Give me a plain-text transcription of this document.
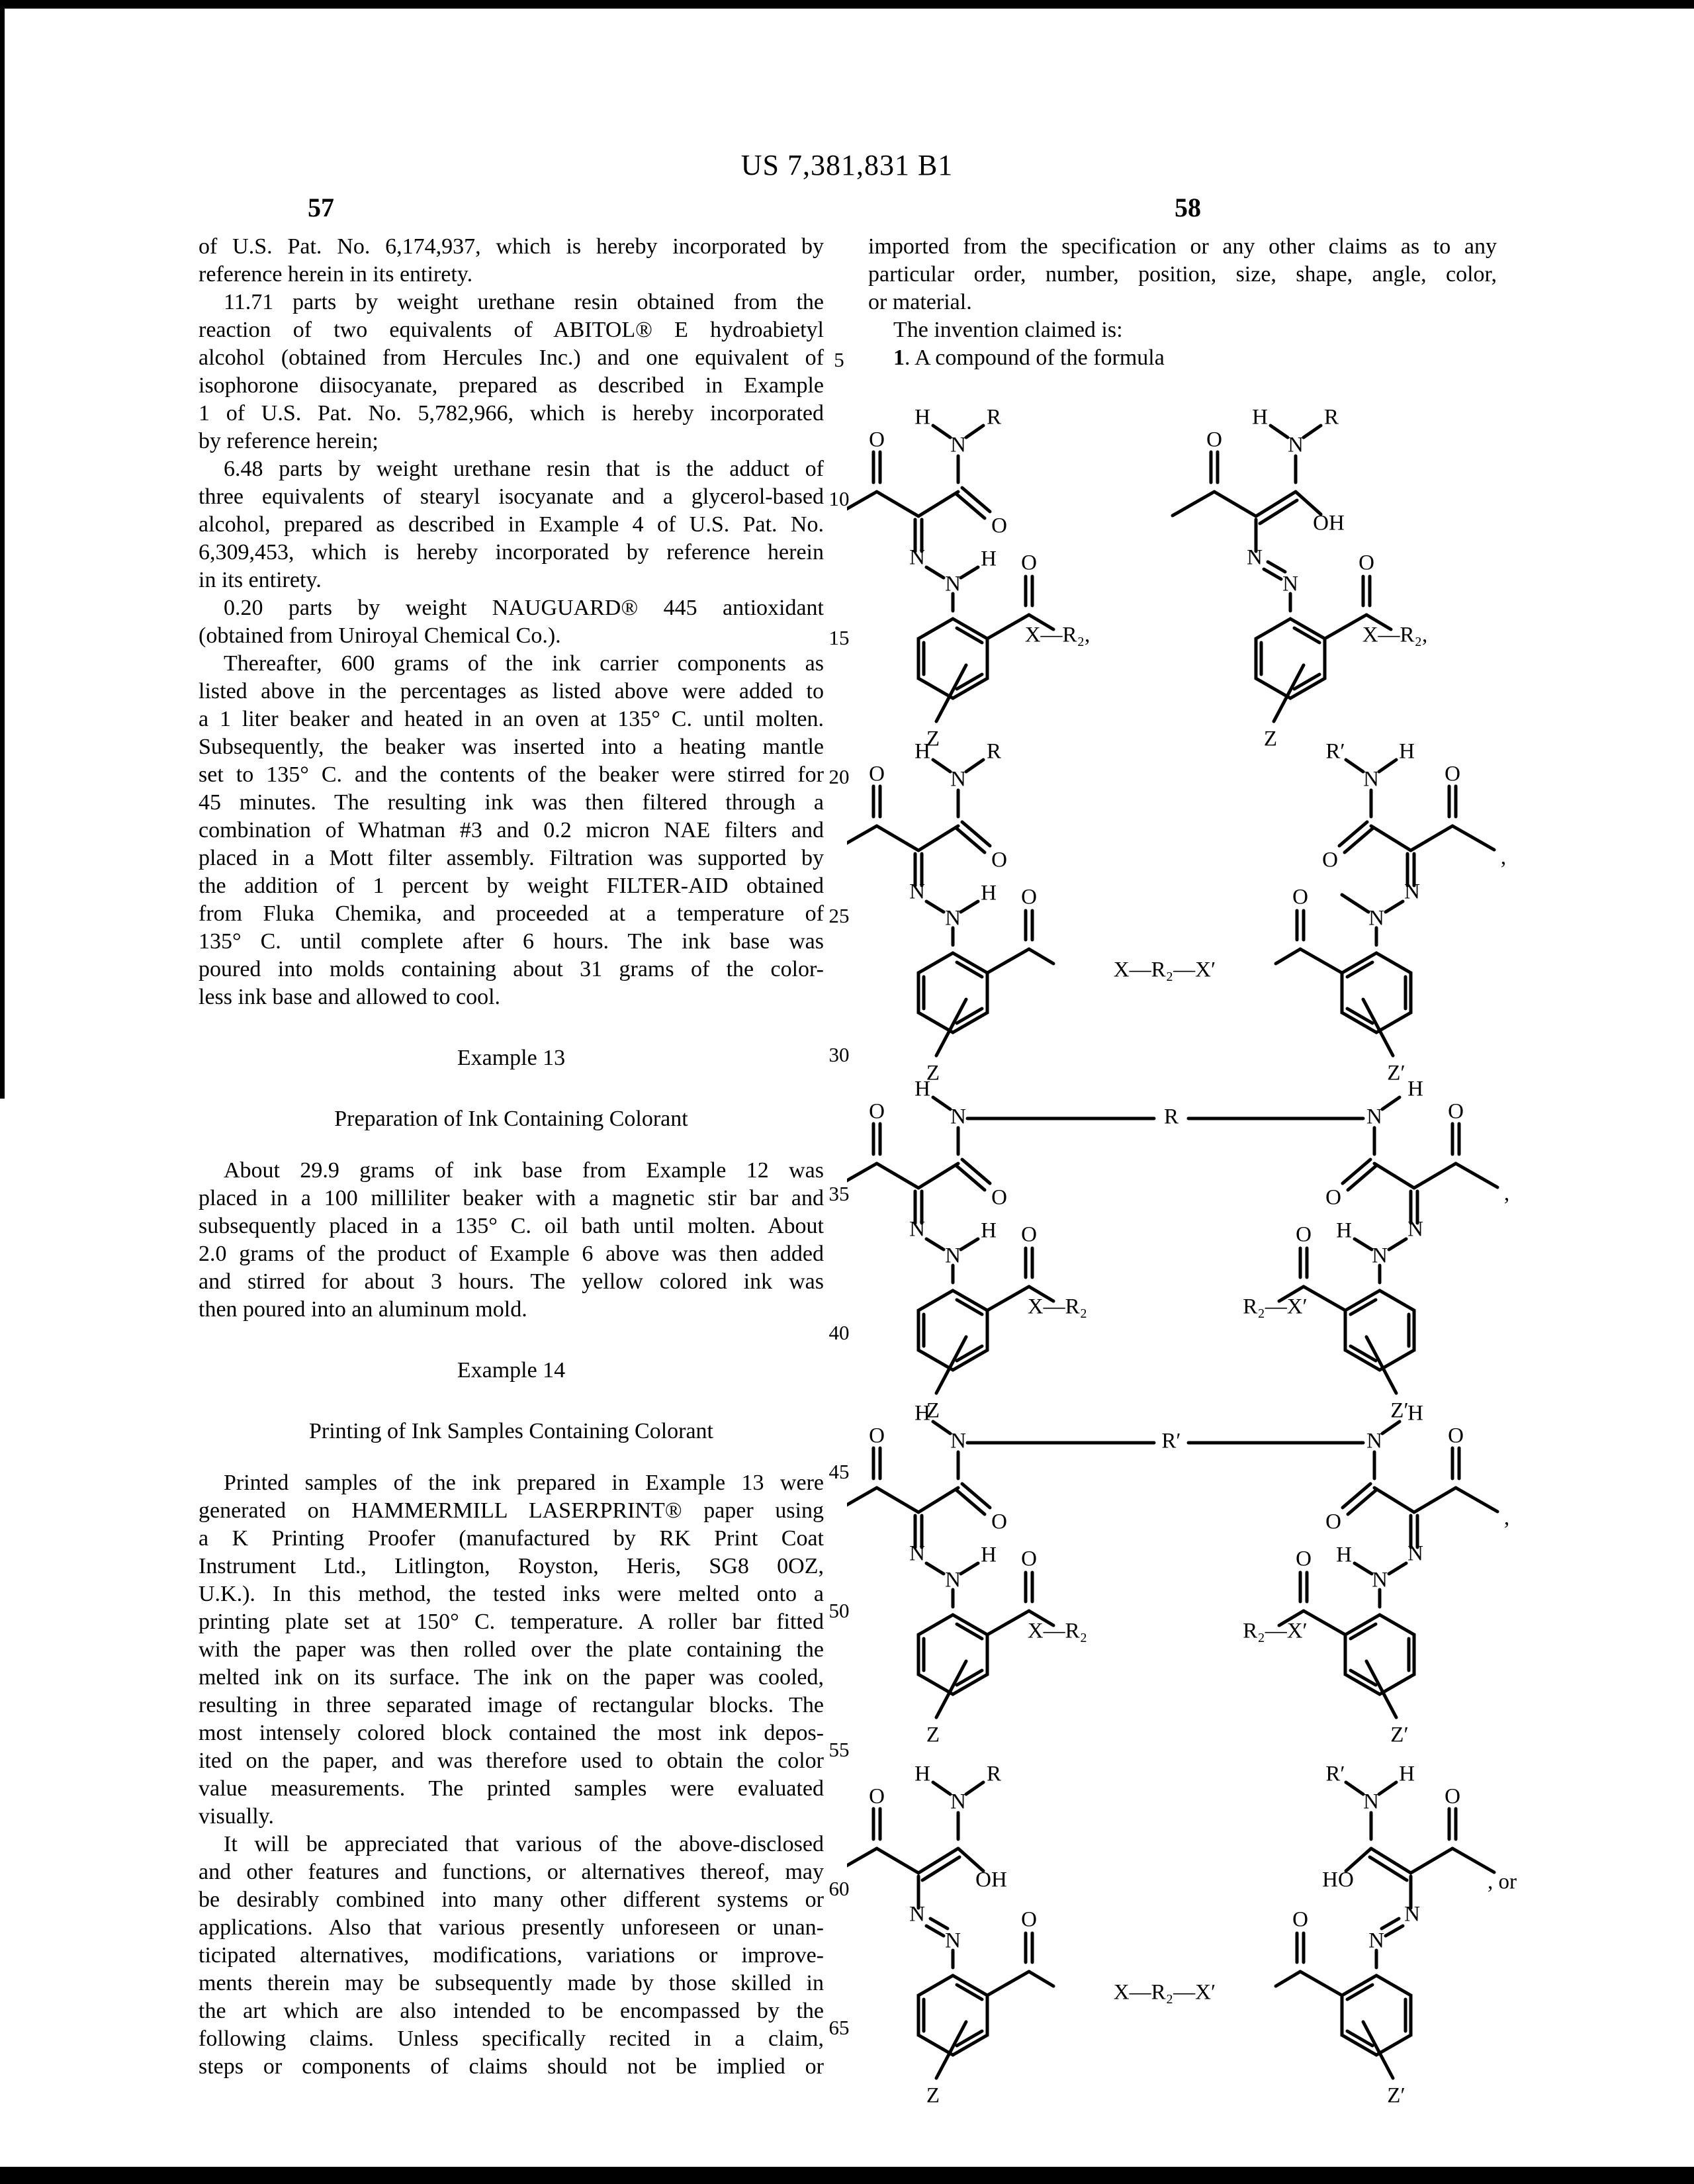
US 7,381,831 B1
57	58
of U.S. Pat. No. 6,174,937, which is hereby incorporated by
reference herein in its entirety.
11.71 parts by weight urethane resin obtained from the
reaction of two equivalents of ABITOL® E hydroabietyl
alcohol (obtained from Hercules Inc.) and one equivalent of
isophorone diisocyanate, prepared as described in Example
1 of U.S. Pat. No. 5,782,966, which is hereby incorporated
by reference herein;
6.48 parts by weight urethane resin that is the adduct of
three equivalents of stearyl isocyanate and a glycerol-based
alcohol, prepared as described in Example 4 of U.S. Pat. No.
6,309,453, which is hereby incorporated by reference herein
in its entirety.
0.20 parts by weight NAUGUARD® 445 antioxidant
(obtained from Uniroyal Chemical Co.).
Thereafter, 600 grams of the ink carrier components as
listed above in the percentages as listed above were added to
a 1 liter beaker and heated in an oven at 135° C. until molten.
Subsequently, the beaker was inserted into a heating mantle
set to 135° C. and the contents of the beaker were stirred for
45 minutes. The resulting ink was then filtered through a
combination of Whatman #3 and 0.2 micron NAE filters and
placed in a Mott filter assembly. Filtration was supported by
the addition of 1 percent by weight FILTER-AID obtained
from Fluka Chemika, and proceeded at a temperature of
135° C. until complete after 6 hours. The ink base was
poured into molds containing about 31 grams of the color-
less ink base and allowed to cool.
Example 13
Preparation of Ink Containing Colorant
About 29.9 grams of ink base from Example 12 was
placed in a 100 milliliter beaker with a magnetic stir bar and
subsequently placed in a 135° C. oil bath until molten. About
2.0 grams of the product of Example 6 above was then added
and stirred for about 3 hours. The yellow colored ink was
then poured into an aluminum mold.
Example 14
Printing of Ink Samples Containing Colorant
Printed samples of the ink prepared in Example 13 were
generated on HAMMERMILL LASERPRINT® paper using
a K Printing Proofer (manufactured by RK Print Coat
Instrument Ltd., Litlington, Royston, Heris, SG8 0OZ,
U.K.). In this method, the tested inks were melted onto a
printing plate set at 150° C. temperature. A roller bar fitted
with the paper was then rolled over the plate containing the
melted ink on its surface. The ink on the paper was cooled,
resulting in three separated image of rectangular blocks. The
most intensely colored block contained the most ink depos-
ited on the paper, and was therefore used to obtain the color
value measurements. The printed samples were evaluated
visually.
It will be appreciated that various of the above-disclosed
and other features and functions, or alternatives thereof, may
be desirably combined into many other different systems or
applications. Also that various presently unforeseen or unan-
ticipated alternatives, modifications, variations or improve-
ments therein may be subsequently made by those skilled in
the art which are also intended to be encompassed by the
following claims. Unless specifically recited in a claim,
steps or components of claims should not be implied or
imported from the specification or any other claims as to any
particular order, number, position, size, shape, angle, color,
or material.
The invention claimed is:
1. A compound of the formula
5
10
15
20
25
30
35
40
45
50
55
60
65
O
H
N
R
O
N
N
H O
X—R₂,
Z
O
H
N
R
OH
N
N
O
X—R₂,
Z
O
H
N
R
O
N
N
H O
Z
O
R′
N
H
O
N
N
O
Z′
,
X—R₂—X′
O
H
N
O
N
N
H O
X—R₂
Z
O
H
N
O
N
N
H
O
R₂—X′
Z′
,
R
O
H
N
O
N
N
H O
X—R₂
Z
O
H
N
O
N
N
H
O
R₂—X′
Z′
,
R′
O
H
N
R
OH
N
N
O
Z
O
R′
N
H
HO
N
N
O
Z′
, or
X—R₂—X′
